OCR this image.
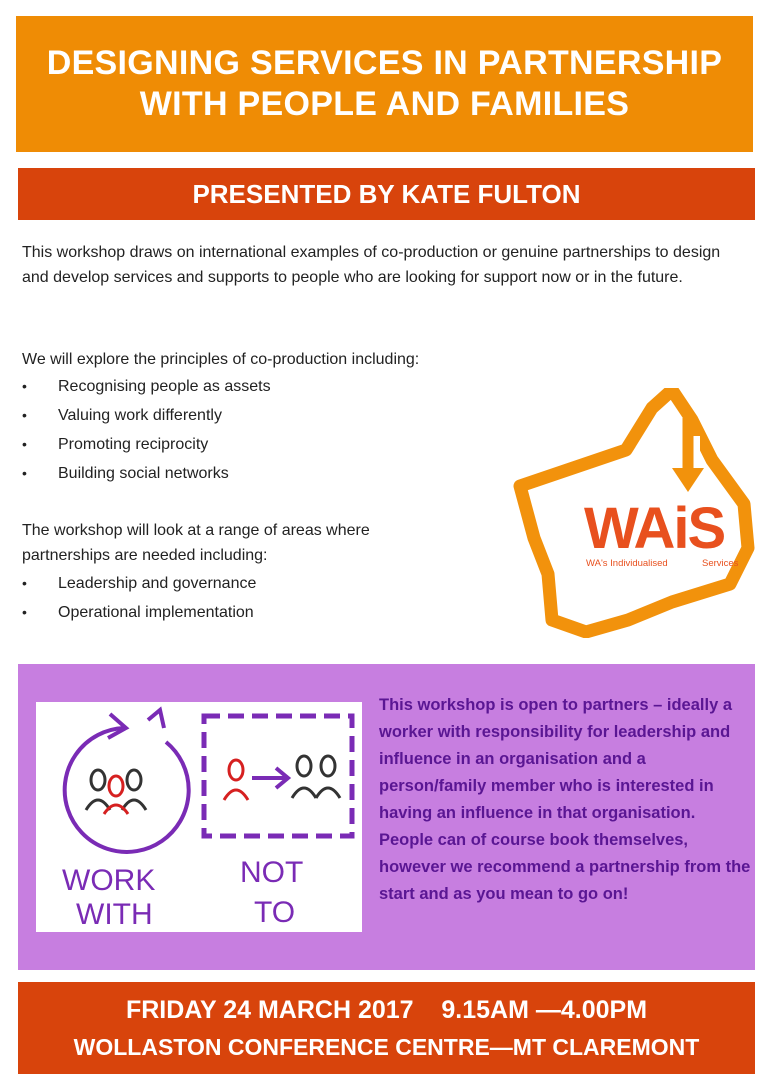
DESIGNING SERVICES IN PARTNERSHIP
WITH PEOPLE AND FAMILIES
PRESENTED BY KATE FULTON

This workshop draws on international examples of co-production or genuine partnerships to design and develop services and supports to people who are looking for support now or in the future.

We will explore the principles of co-production including:

• Recognising people as assets
• Valuing work differently
• Promoting reciprocity
• Building social networks

The workshop will look at a range of areas where partnerships are needed including:

• Leadership and governance
• Operational implementation
WAiS
WA's Individualised	Services
WORK
WITH
NOT
TO

This workshop is open to partners – ideally a worker with responsibility for leadership and influence in an organisation and a person/family member who is interested in having an influence in that organisation. People can of course book themselves, however we recommend a partnership from the start and as you mean to go on!

FRIDAY 24 MARCH 2017 9.15AM —4.00PM
WOLLASTON CONFERENCE CENTRE—MT CLAREMONT
